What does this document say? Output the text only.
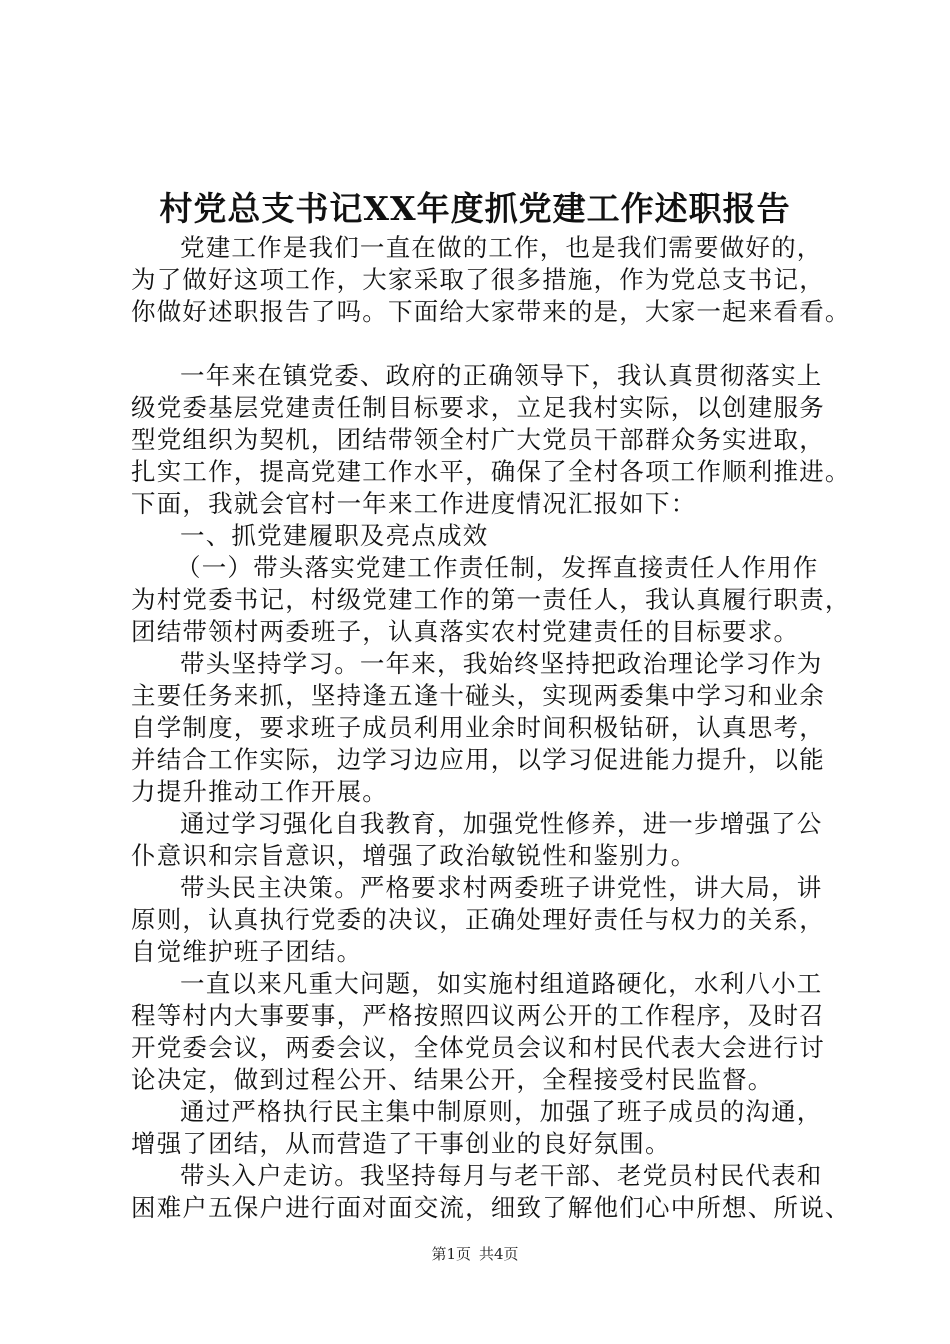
村党总支书记XX年度抓党建工作述职报告
党建工作是我们一直在做的工作，也是我们需要做好的，
为了做好这项工作，大家采取了很多措施，作为党总支书记，
你做好述职报告了吗。下面给大家带来的是，大家一起来看看。
一年来在镇党委、政府的正确领导下，我认真贯彻落实上
级党委基层党建责任制目标要求，立足我村实际，以创建服务
型党组织为契机，团结带领全村广大党员干部群众务实进取，
扎实工作，提高党建工作水平，确保了全村各项工作顺利推进。
下面，我就会官村一年来工作进度情况汇报如下：
一、抓党建履职及亮点成效
（一）带头落实党建工作责任制，发挥直接责任人作用作
为村党委书记，村级党建工作的第一责任人，我认真履行职责，
团结带领村两委班子，认真落实农村党建责任的目标要求。
带头坚持学习。一年来，我始终坚持把政治理论学习作为
主要任务来抓，坚持逢五逢十碰头，实现两委集中学习和业余
自学制度，要求班子成员利用业余时间积极钻研，认真思考，
并结合工作实际，边学习边应用，以学习促进能力提升，以能
力提升推动工作开展。
通过学习强化自我教育，加强党性修养，进一步增强了公
仆意识和宗旨意识，增强了政治敏锐性和鉴别力。
带头民主决策。严格要求村两委班子讲党性，讲大局，讲
原则，认真执行党委的决议，正确处理好责任与权力的关系，
自觉维护班子团结。
一直以来凡重大问题，如实施村组道路硬化，水利八小工
程等村内大事要事，严格按照四议两公开的工作程序，及时召
开党委会议，两委会议，全体党员会议和村民代表大会进行讨
论决定，做到过程公开、结果公开，全程接受村民监督。
通过严格执行民主集中制原则，加强了班子成员的沟通，
增强了团结，从而营造了干事创业的良好氛围。
带头入户走访。我坚持每月与老干部、老党员村民代表和
困难户五保户进行面对面交流，细致了解他们心中所想、所说、
第1页 共4页
